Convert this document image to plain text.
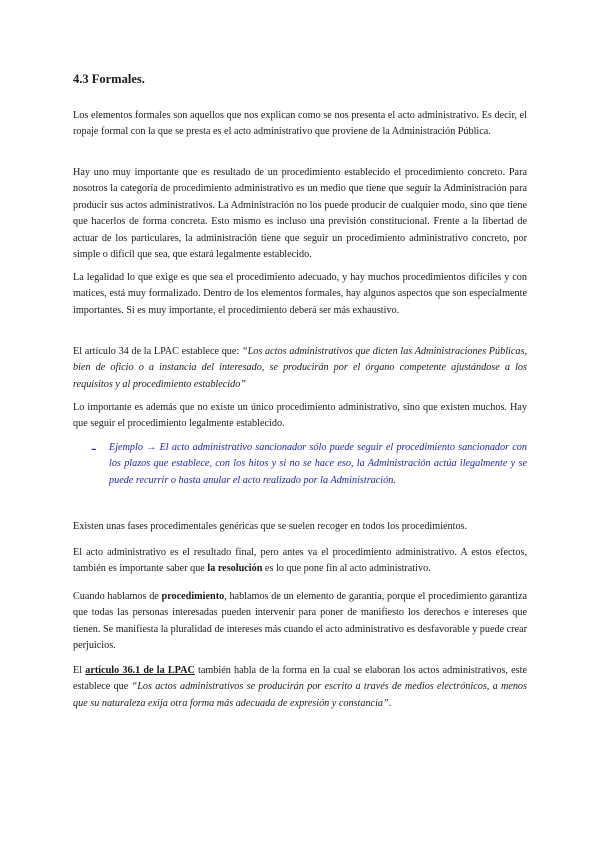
4.3 Formales.

Los elementos formales son aquellos que nos explican como se nos presenta el acto administrativo. Es decir, el ropaje formal con la que se presta es el acto administrativo que proviene de la Administración Pública.

Hay uno muy importante que es resultado de un procedimiento establecido el procedimiento concreto. Para nosotros la categoría de procedimiento administrativo es un medio que tiene que seguir la Administración para producir sus actos administrativos. La Administración no los puede producir de cualquier modo, sino que tiene que hacerlos de forma concreta. Esto mismo es incluso una previsión constitucional. Frente a la libertad de actuar de los particulares, la administración tiene que seguir un procedimiento administrativo concreto, por simple o difícil que sea, que estará legalmente establecido.

La legalidad lo que exige es que sea el procedimiento adecuado, y hay muchos procedimientos difíciles y con matices, está muy formalizado. Dentro de los elementos formales, hay algunos aspectos que son especialmente importantes. Si es muy importante, el procedimiento deberá ser más exhaustivo.

El artículo 34 de la LPAC establece que: “Los actos administrativos que dicten las Administraciones Públicas, bien de oficio o a instancia del interesado, se producirán por el órgano competente ajustándose a los requisitos y al procedimiento establecido”

Lo importante es además que no existe un único procedimiento administrativo, sino que existen muchos. Hay que seguir el procedimiento legalmente establecido.

- Ejemplo → El acto administrativo sancionador sólo puede seguir el procedimiento sancionador con los plazos que establece, con los hitos y si no se hace eso, la Administración actúa ilegalmente y se puede recurrir o hasta anular el acto realizado por la Administración.

Existen unas fases procedimentales genéricas que se suelen recoger en todos los procedimientos.

El acto administrativo es el resultado final, pero antes va el procedimiento administrativo. A estos efectos, también es importante saber que la resolución es lo que pone fin al acto administrativo.

Cuando hablamos de procedimiento, hablamos de un elemento de garantía, porque el procedimiento garantiza que todas las personas interesadas pueden intervenir para poner de manifiesto los derechos e intereses que tienen. Se manifiesta la pluralidad de intereses más cuando el acto administrativo es desfavorable y puede crear perjuicios.

El artículo 36.1 de la LPAC también habla de la forma en la cual se elaboran los actos administrativos, este establece que “Los actos administrativos se producirán por escrito a través de medios electrónicos, a menos que su naturaleza exija otra forma más adecuada de expresión y constancia”.
